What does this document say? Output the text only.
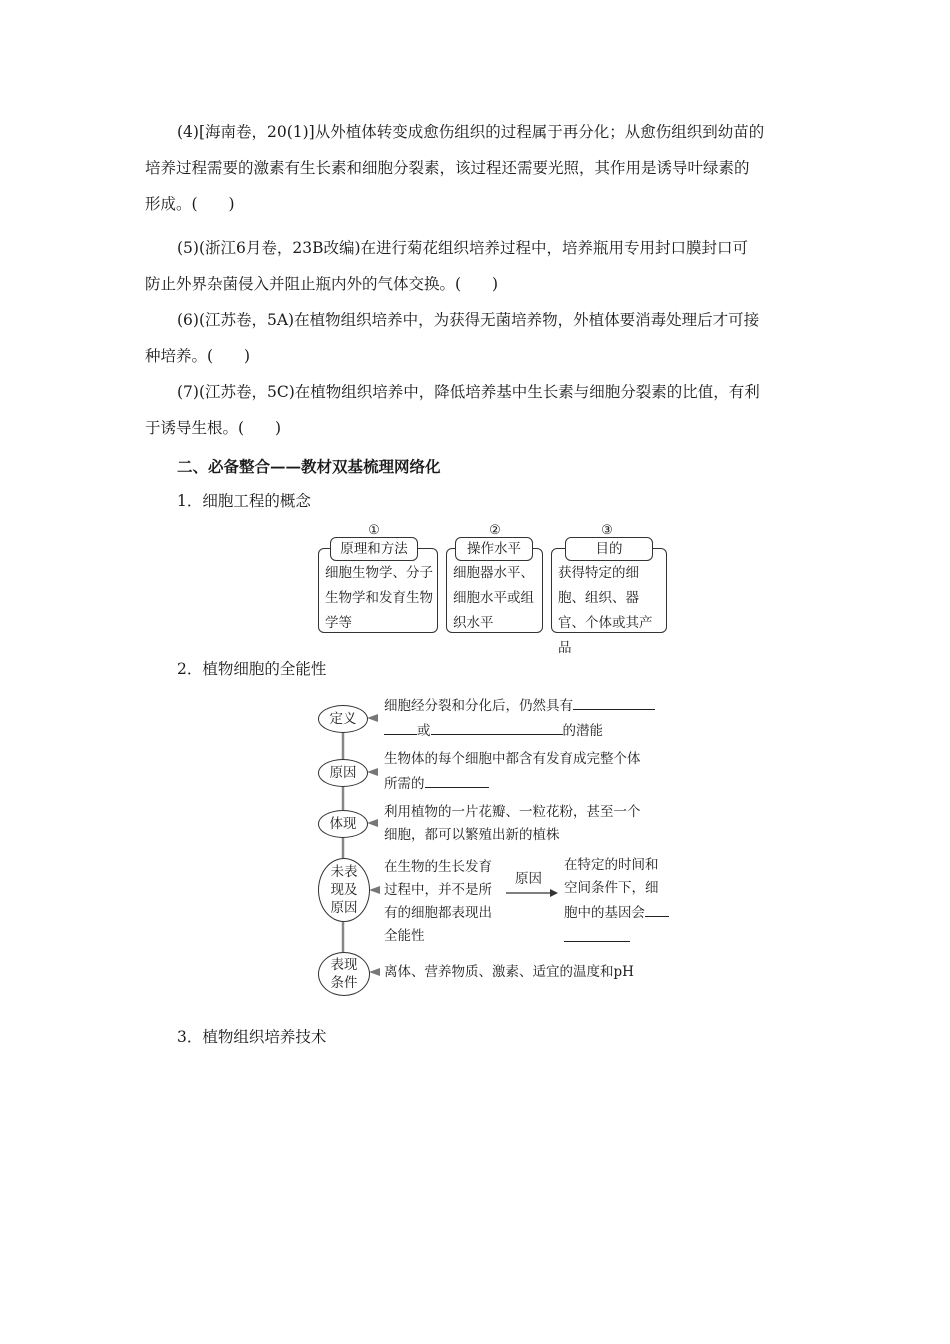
(4)[海南卷，20(1)]从外植体转变成愈伤组织的过程属于再分化；从愈伤组织到幼苗的
培养过程需要的激素有生长素和细胞分裂素，该过程还需要光照，其作用是诱导叶绿素的
形成。(　　)
(5)(浙江6月卷，23B改编)在进行菊花组织培养过程中，培养瓶用专用封口膜封口可
防止外界杂菌侵入并阻止瓶内外的气体交换。(　　)
(6)(江苏卷，5A)在植物组织培养中，为获得无菌培养物，外植体要消毒处理后才可接
种培养。(　　)
(7)(江苏卷，5C)在植物组织培养中，降低培养基中生长素与细胞分裂素的比值，有利
于诱导生根。(　　)
二、必备整合——教材双基梳理网络化
1．细胞工程的概念
细胞生物学、分子生物学和发育生物学等
原理和方法
①
细胞器水平、细胞水平或组织水平
操作水平
②
获得特定的细胞、组织、器官、个体或其产品
目的
③
2．植物细胞的全能性
定义
细胞经分裂和分化后，仍然具有
或	的潜能
原因
生物体的每个细胞中都含有发育成完整个体
所需的
体现
利用植物的一片花瓣、一粒花粉，甚至一个
细胞，都可以繁殖出新的植株
未表
现及
原因
在生物的生长发育
过程中，并不是所
有的细胞都表现出
全能性
原因
在特定的时间和
空间条件下，细
胞中的基因会

表现
条件
离体、营养物质、激素、适宜的温度和pH
3．植物组织培养技术
